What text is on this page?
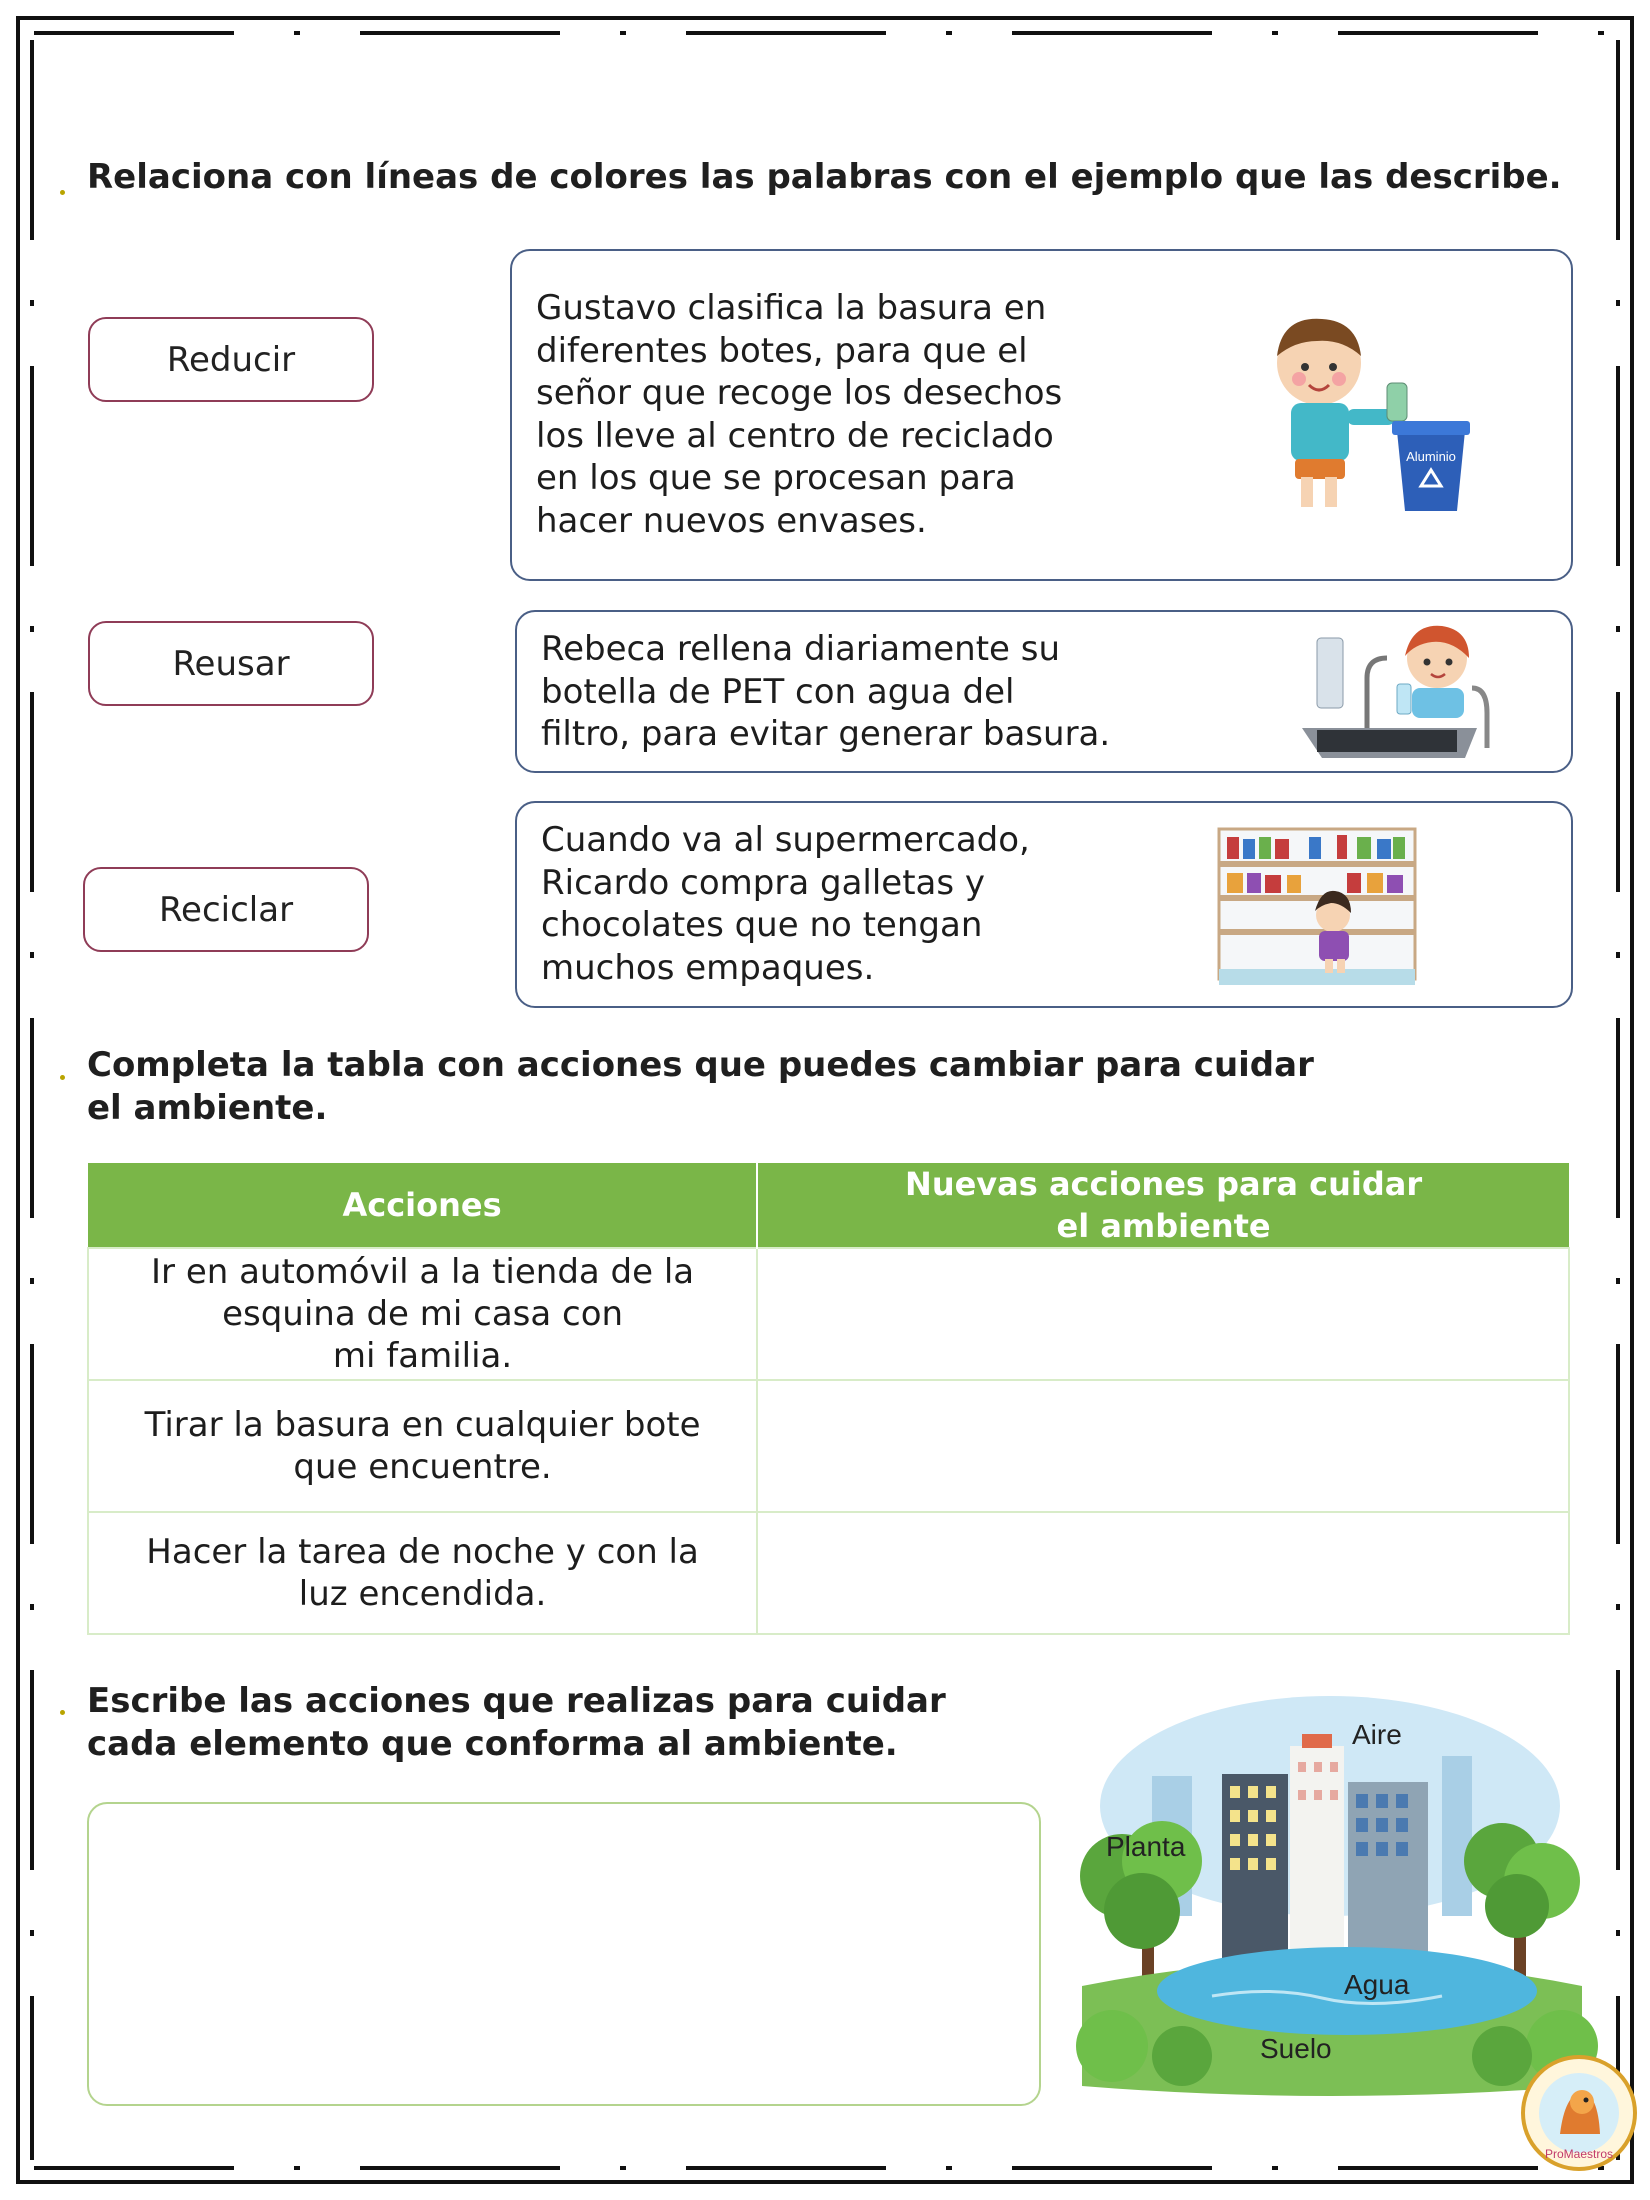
Relaciona con líneas de colores las palabras con el ejemplo que las describe.
Reducir
Reusar
Reciclar
Gustavo clasifica la basura en
diferentes botes, para que el
señor que recoge los desechos
los lleve al centro de reciclado
en los que se procesan para
hacer nuevos envases.
Aluminio
Rebeca rellena diariamente su
botella de PET con agua del
filtro, para evitar generar basura.
Cuando va al supermercado,
Ricardo compra galletas y
chocolates que no tengan
muchos empaques.
Completa la tabla con acciones que puedes cambiar para cuidar
el ambiente.
Acciones	Nuevas acciones para cuidar
el ambiente
Ir en automóvil a la tienda de la
esquina de mi casa con
mi familia.	
Tirar la basura en cualquier bote
que encuentre.	
Hacer la tarea de noche y con la
luz encendida.	
Escribe las acciones que realizas para cuidar
cada elemento que conforma al ambiente.	Aire
Planta
Agua
Suelo
ProMaestros
